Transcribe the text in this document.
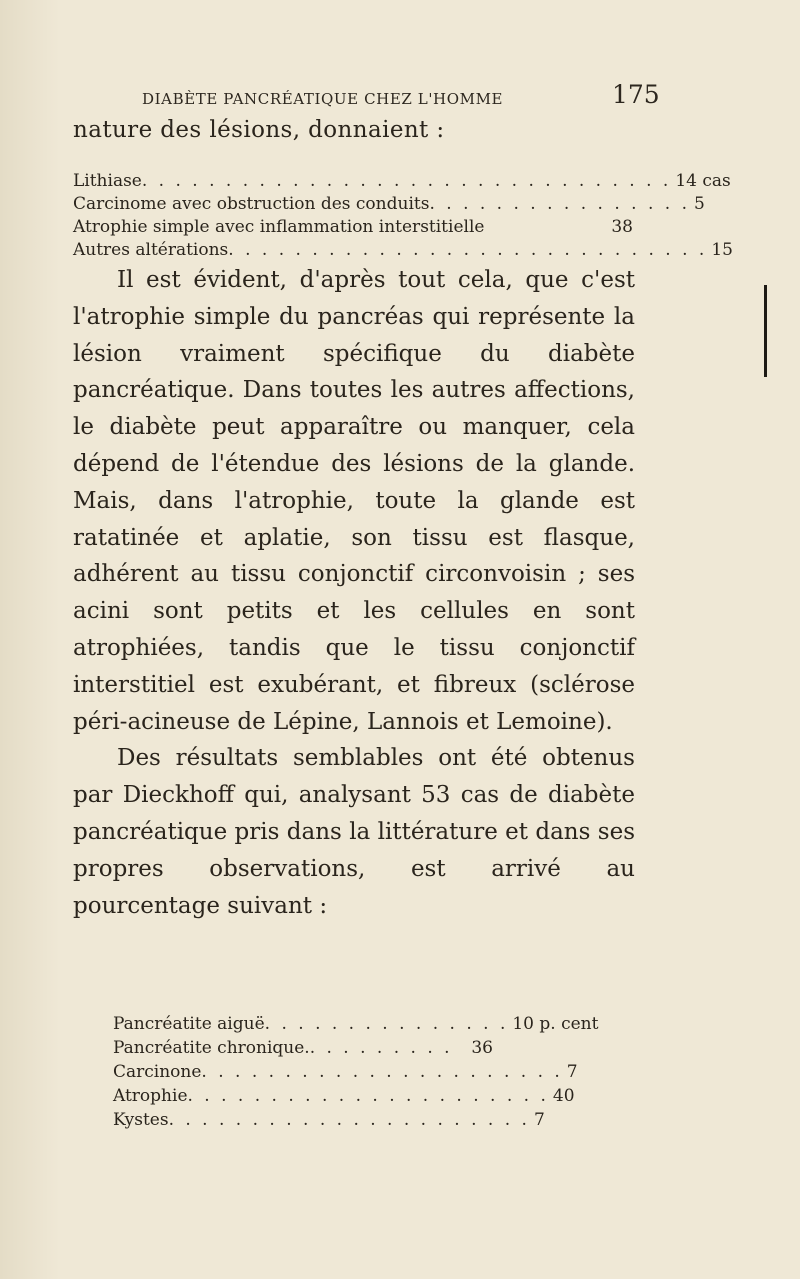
DIABÈTE PANCRÉATIQUE CHEZ L'HOMME	175
nature des lésions, donnaient :
Lithiase . . . . . . . . . . . . . . . . . . . . . . . . . . . . . . . . 14 cas
Carcinome avec obstruction des conduits . . . . . . . . . . . . . . . . 5
Atrophie simple avec inflammation interstitielle	38
Autres altérations . . . . . . . . . . . . . . . . . . . . . . . . . . . . . 15

Il est évident, d'après tout cela, que c'est l'atrophie simple du pancréas qui représente la lésion vraiment spécifique du diabète pancréatique. Dans toutes les autres affections, le diabète peut apparaître ou manquer, cela dépend de l'étendue des lésions de la glande. Mais, dans l'atrophie, toute la glande est ratatinée et aplatie, son tissu est flasque, adhérent au tissu conjonctif circonvoisin ; ses acini sont petits et les cellules en sont atrophiées, tandis que le tissu conjonctif interstitiel est exubérant, et fibreux (sclérose péri-acineuse de Lépine, Lannois et Lemoine).

Des résultats semblables ont été obtenus par Dieckhoff qui, analysant 53 cas de diabète pancréatique pris dans la littérature et dans ses propres observations, est arrivé au pourcentage suivant :

Pancréatite aiguë . . . . . . . . . . . . . . . 10 p. cent
Pancréatite chronique. . . . . . . . . .	36
Carcinone . . . . . . . . . . . . . . . . . . . . . . 7
Atrophie . . . . . . . . . . . . . . . . . . . . . . 40
Kystes . . . . . . . . . . . . . . . . . . . . . . 7
